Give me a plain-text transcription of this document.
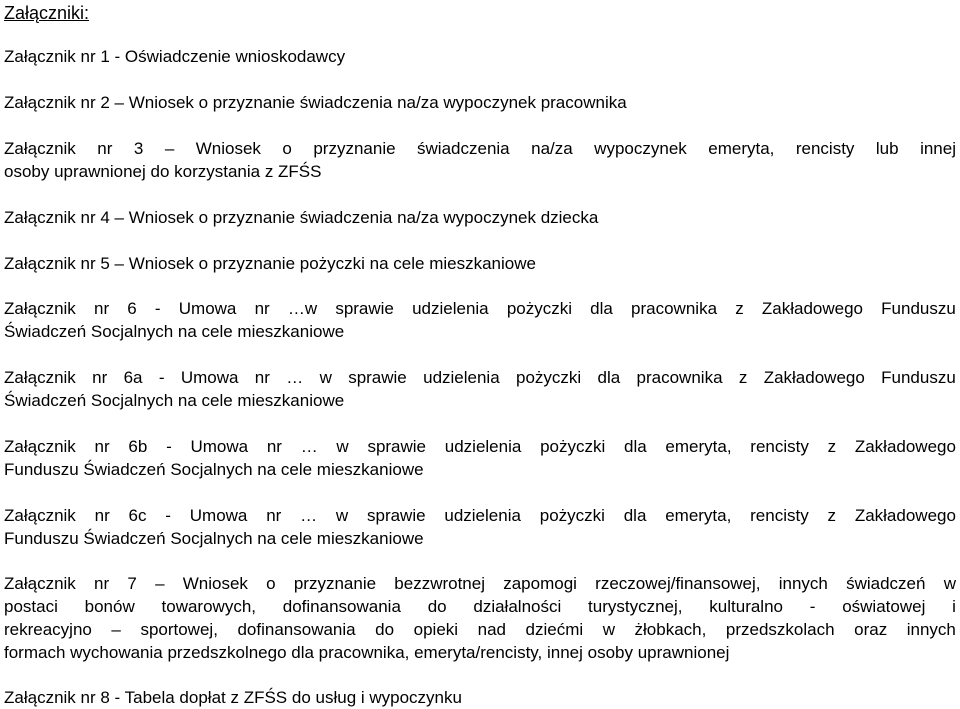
Załączniki:
Załącznik nr 1 - Oświadczenie wnioskodawcy
Załącznik nr 2 – Wniosek o przyznanie świadczenia na/za wypoczynek pracownika
Załącznik nr 3 – Wniosek o przyznanie świadczenia na/za wypoczynek emeryta, rencisty lub innej
osoby uprawnionej do korzystania z ZFŚS
Załącznik nr 4 – Wniosek o przyznanie świadczenia na/za wypoczynek dziecka
Załącznik nr 5 – Wniosek o przyznanie pożyczki na cele mieszkaniowe
Załącznik nr 6 - Umowa nr …w sprawie udzielenia pożyczki dla pracownika z Zakładowego Funduszu
Świadczeń Socjalnych na cele mieszkaniowe
Załącznik nr 6a - Umowa nr … w sprawie udzielenia pożyczki dla pracownika z Zakładowego Funduszu
Świadczeń Socjalnych na cele mieszkaniowe
Załącznik nr 6b - Umowa nr … w sprawie udzielenia pożyczki dla emeryta, rencisty z Zakładowego
Funduszu Świadczeń Socjalnych na cele mieszkaniowe
Załącznik nr 6c - Umowa nr … w sprawie udzielenia pożyczki dla emeryta, rencisty z Zakładowego
Funduszu Świadczeń Socjalnych na cele mieszkaniowe
Załącznik nr 7 – Wniosek o przyznanie bezzwrotnej zapomogi rzeczowej/finansowej, innych świadczeń w
postaci bonów towarowych, dofinansowania do działalności turystycznej, kulturalno - oświatowej i
rekreacyjno – sportowej, dofinansowania do opieki nad dziećmi w żłobkach, przedszkolach oraz innych
formach wychowania przedszkolnego dla pracownika, emeryta/rencisty, innej osoby uprawnionej
Załącznik nr 8 - Tabela dopłat z ZFŚS do usług i wypoczynku
